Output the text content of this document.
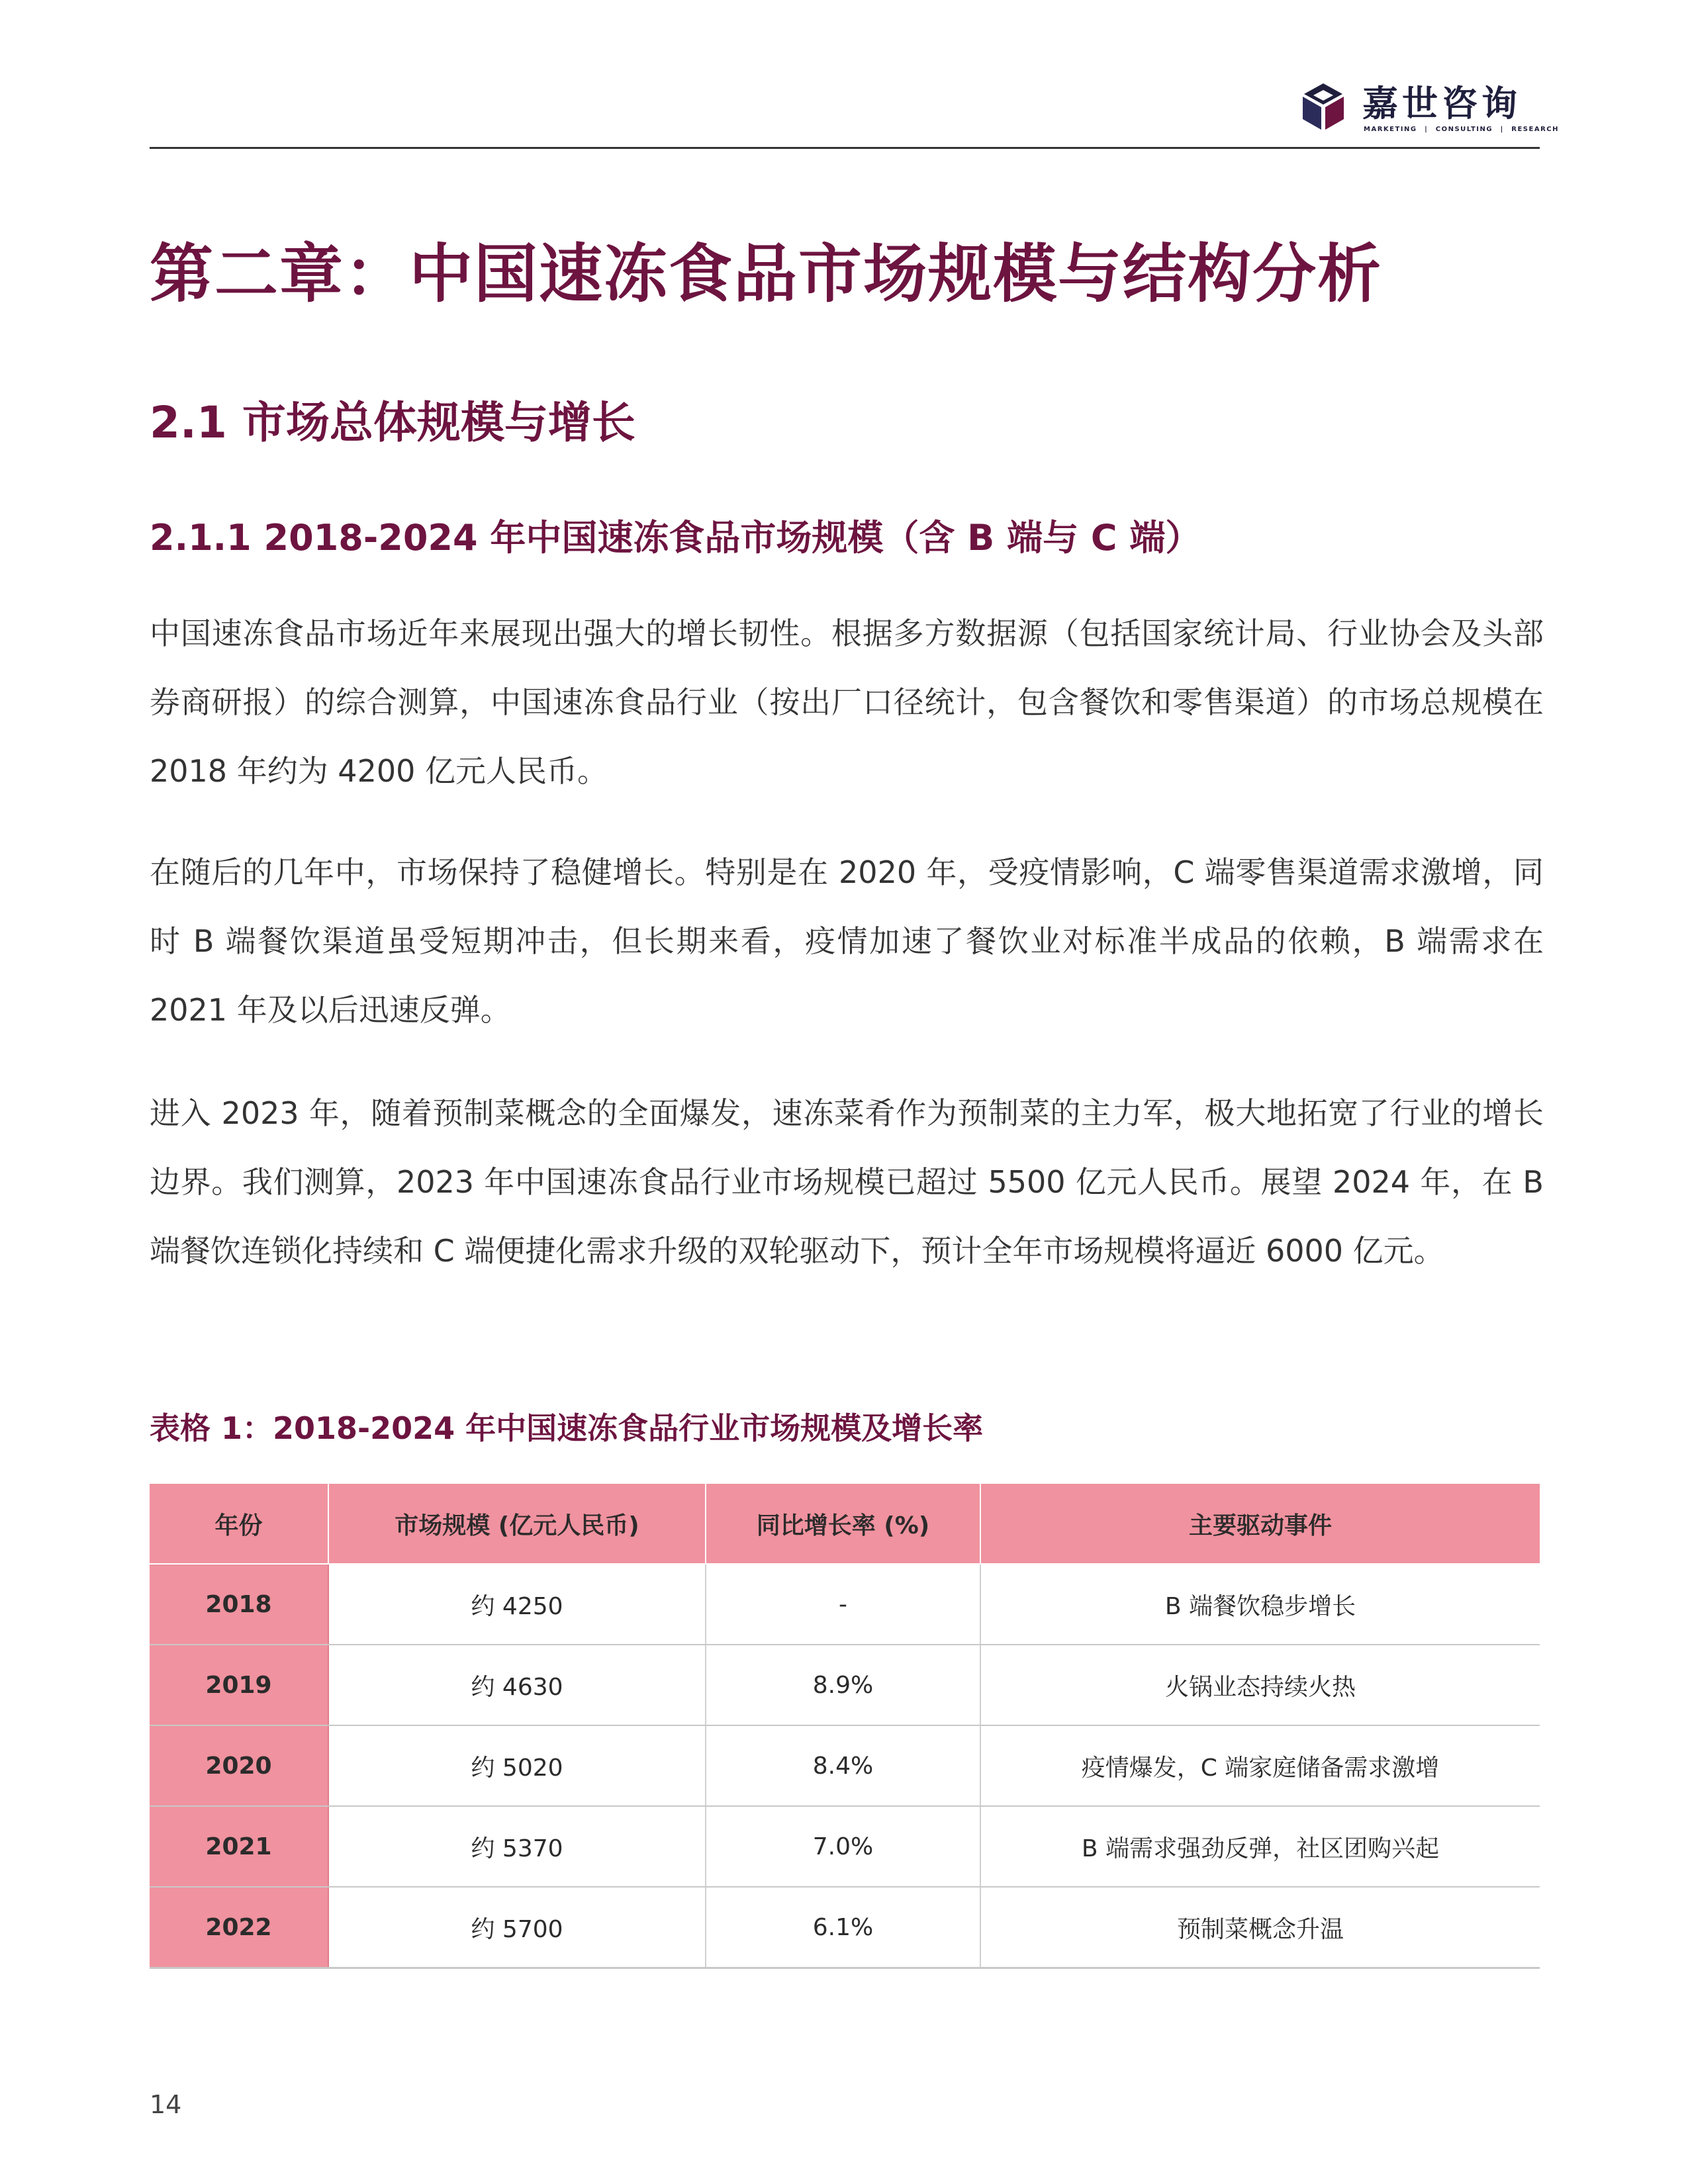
嘉世咨询
MARKETING　|　CONSULTING　|　RESEARCH
第二章：中国速冻食品市场规模与结构分析
2.1 市场总体规模与增长
2.1.1 2018-2024 年中国速冻食品市场规模（含 B 端与 C 端）

中国速冻食品市场近年来展现出强大的增长韧性。根据多方数据源（包括国家统计局、行业协会及头部券商研报）的综合测算，中国速冻食品行业（按出厂口径统计，包含餐饮和零售渠道）的市场总规模在 2018 年约为 4200 亿元人民币。

在随后的几年中，市场保持了稳健增长。特别是在 2020 年，受疫情影响，C 端零售渠道需求激增，同时 B 端餐饮渠道虽受短期冲击，但长期来看，疫情加速了餐饮业对标准半成品的依赖，B 端需求在 2021 年及以后迅速反弹。

进入 2023 年，随着预制菜概念的全面爆发，速冻菜肴作为预制菜的主力军，极大地拓宽了行业的增长边界。我们测算，2023 年中国速冻食品行业市场规模已超过 5500 亿元人民币。展望 2024 年，在 B 端餐饮连锁化持续和 C 端便捷化需求升级的双轮驱动下，预计全年市场规模将逼近 6000 亿元。

表格 1：2018-2024 年中国速冻食品行业市场规模及增长率
年份	市场规模 (亿元人民币)	同比增长率 (%)	主要驱动事件
2018	约 4250	-	B 端餐饮稳步增长
2019	约 4630	8.9%	火锅业态持续火热
2020	约 5020	8.4%	疫情爆发，C 端家庭储备需求激增
2021	约 5370	7.0%	B 端需求强劲反弹，社区团购兴起
2022	约 5700	6.1%	预制菜概念升温
14
